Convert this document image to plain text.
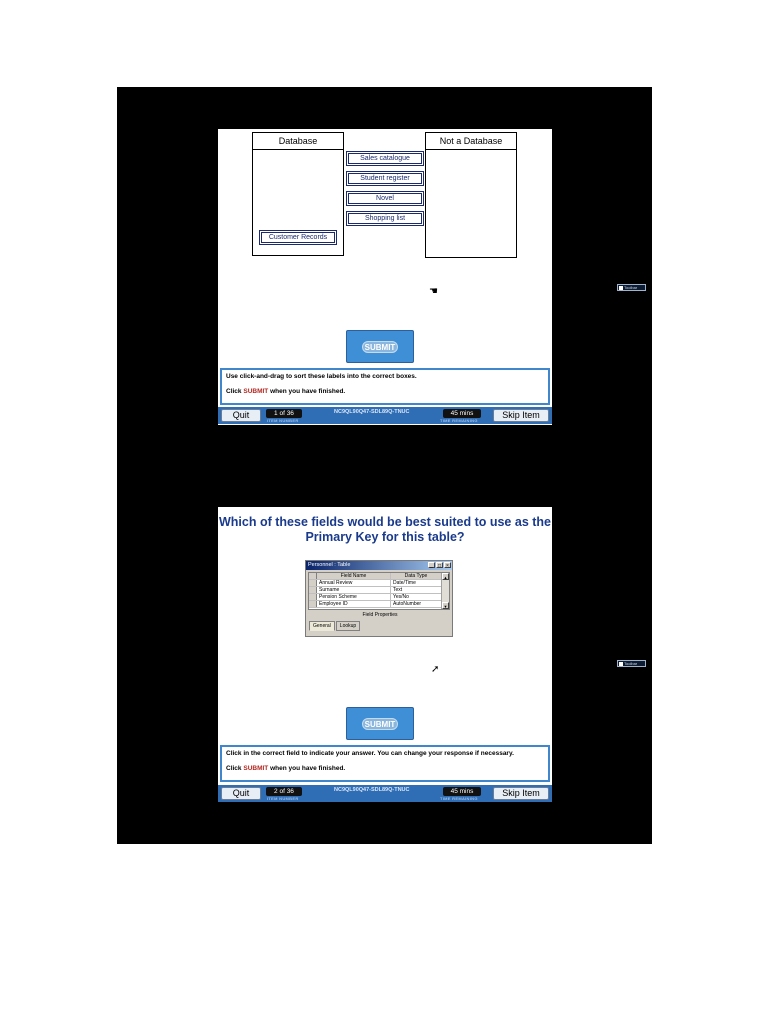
Database	Not a Database
Sales catalogue
Student register
Novel
Shopping list
Customer Records
☚
SUBMIT
Use click-and-drag to sort these labels into the correct boxes.
Click SUBMIT when you have finished.
Quit	1 of 36
ITEM NUMBER
NC9QL90Q47-SDL89Q-TNUC	45 mins
TIME REMAINING
Skip Item
Toolbar
Which of these fields would be best suited to use as the Primary Key for this table?
Personnel : Table	_	□	×
Field Name	Data Type
Annual Review	Date/Time
Surname	Text
Pension Scheme	Yes/No
Employee ID	AutoNumber
▲
▼
Field Properties
General	Lookup
➚
SUBMIT
Click in the correct field to indicate your answer. You can change your response if necessary.
Click SUBMIT when you have finished.
Quit	2 of 36
ITEM NUMBER
NC9QL90Q47-SDL89Q-TNUC	45 mins
TIME REMAINING
Skip Item
Toolbar
